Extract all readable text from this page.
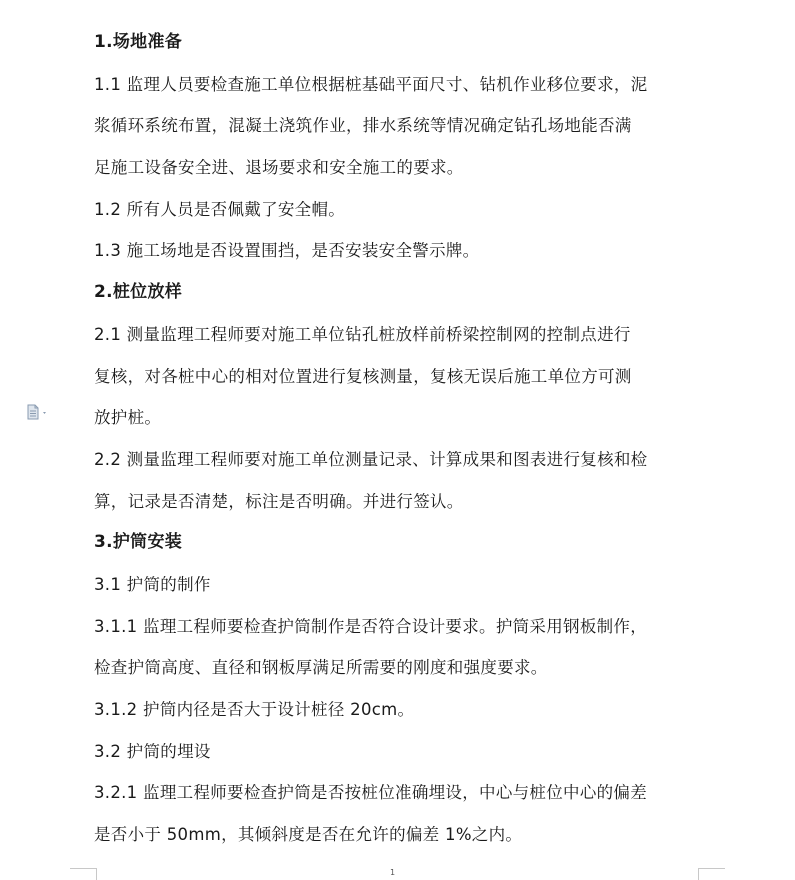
1.场地准备
1.1 监理人员要检查施工单位根据桩基础平面尺寸、钻机作业移位要求，泥
浆循环系统布置，混凝土浇筑作业，排水系统等情况确定钻孔场地能否满
足施工设备安全进、退场要求和安全施工的要求。
1.2 所有人员是否佩戴了安全帽。
1.3 施工场地是否设置围挡，是否安装安全警示牌。
2.桩位放样
2.1 测量监理工程师要对施工单位钻孔桩放样前桥梁控制网的控制点进行
复核，对各桩中心的相对位置进行复核测量，复核无误后施工单位方可测
放护桩。
2.2 测量监理工程师要对施工单位测量记录、计算成果和图表进行复核和检
算，记录是否清楚，标注是否明确。并进行签认。
3.护筒安装
3.1 护筒的制作
3.1.1 监理工程师要检查护筒制作是否符合设计要求。护筒采用钢板制作，
检查护筒高度、直径和钢板厚满足所需要的刚度和强度要求。
3.1.2 护筒内径是否大于设计桩径 20cm。
3.2 护筒的埋设
3.2.1 监理工程师要检查护筒是否按桩位准确埋设，中心与桩位中心的偏差
是否小于 50mm，其倾斜度是否在允许的偏差 1%之内。
1
